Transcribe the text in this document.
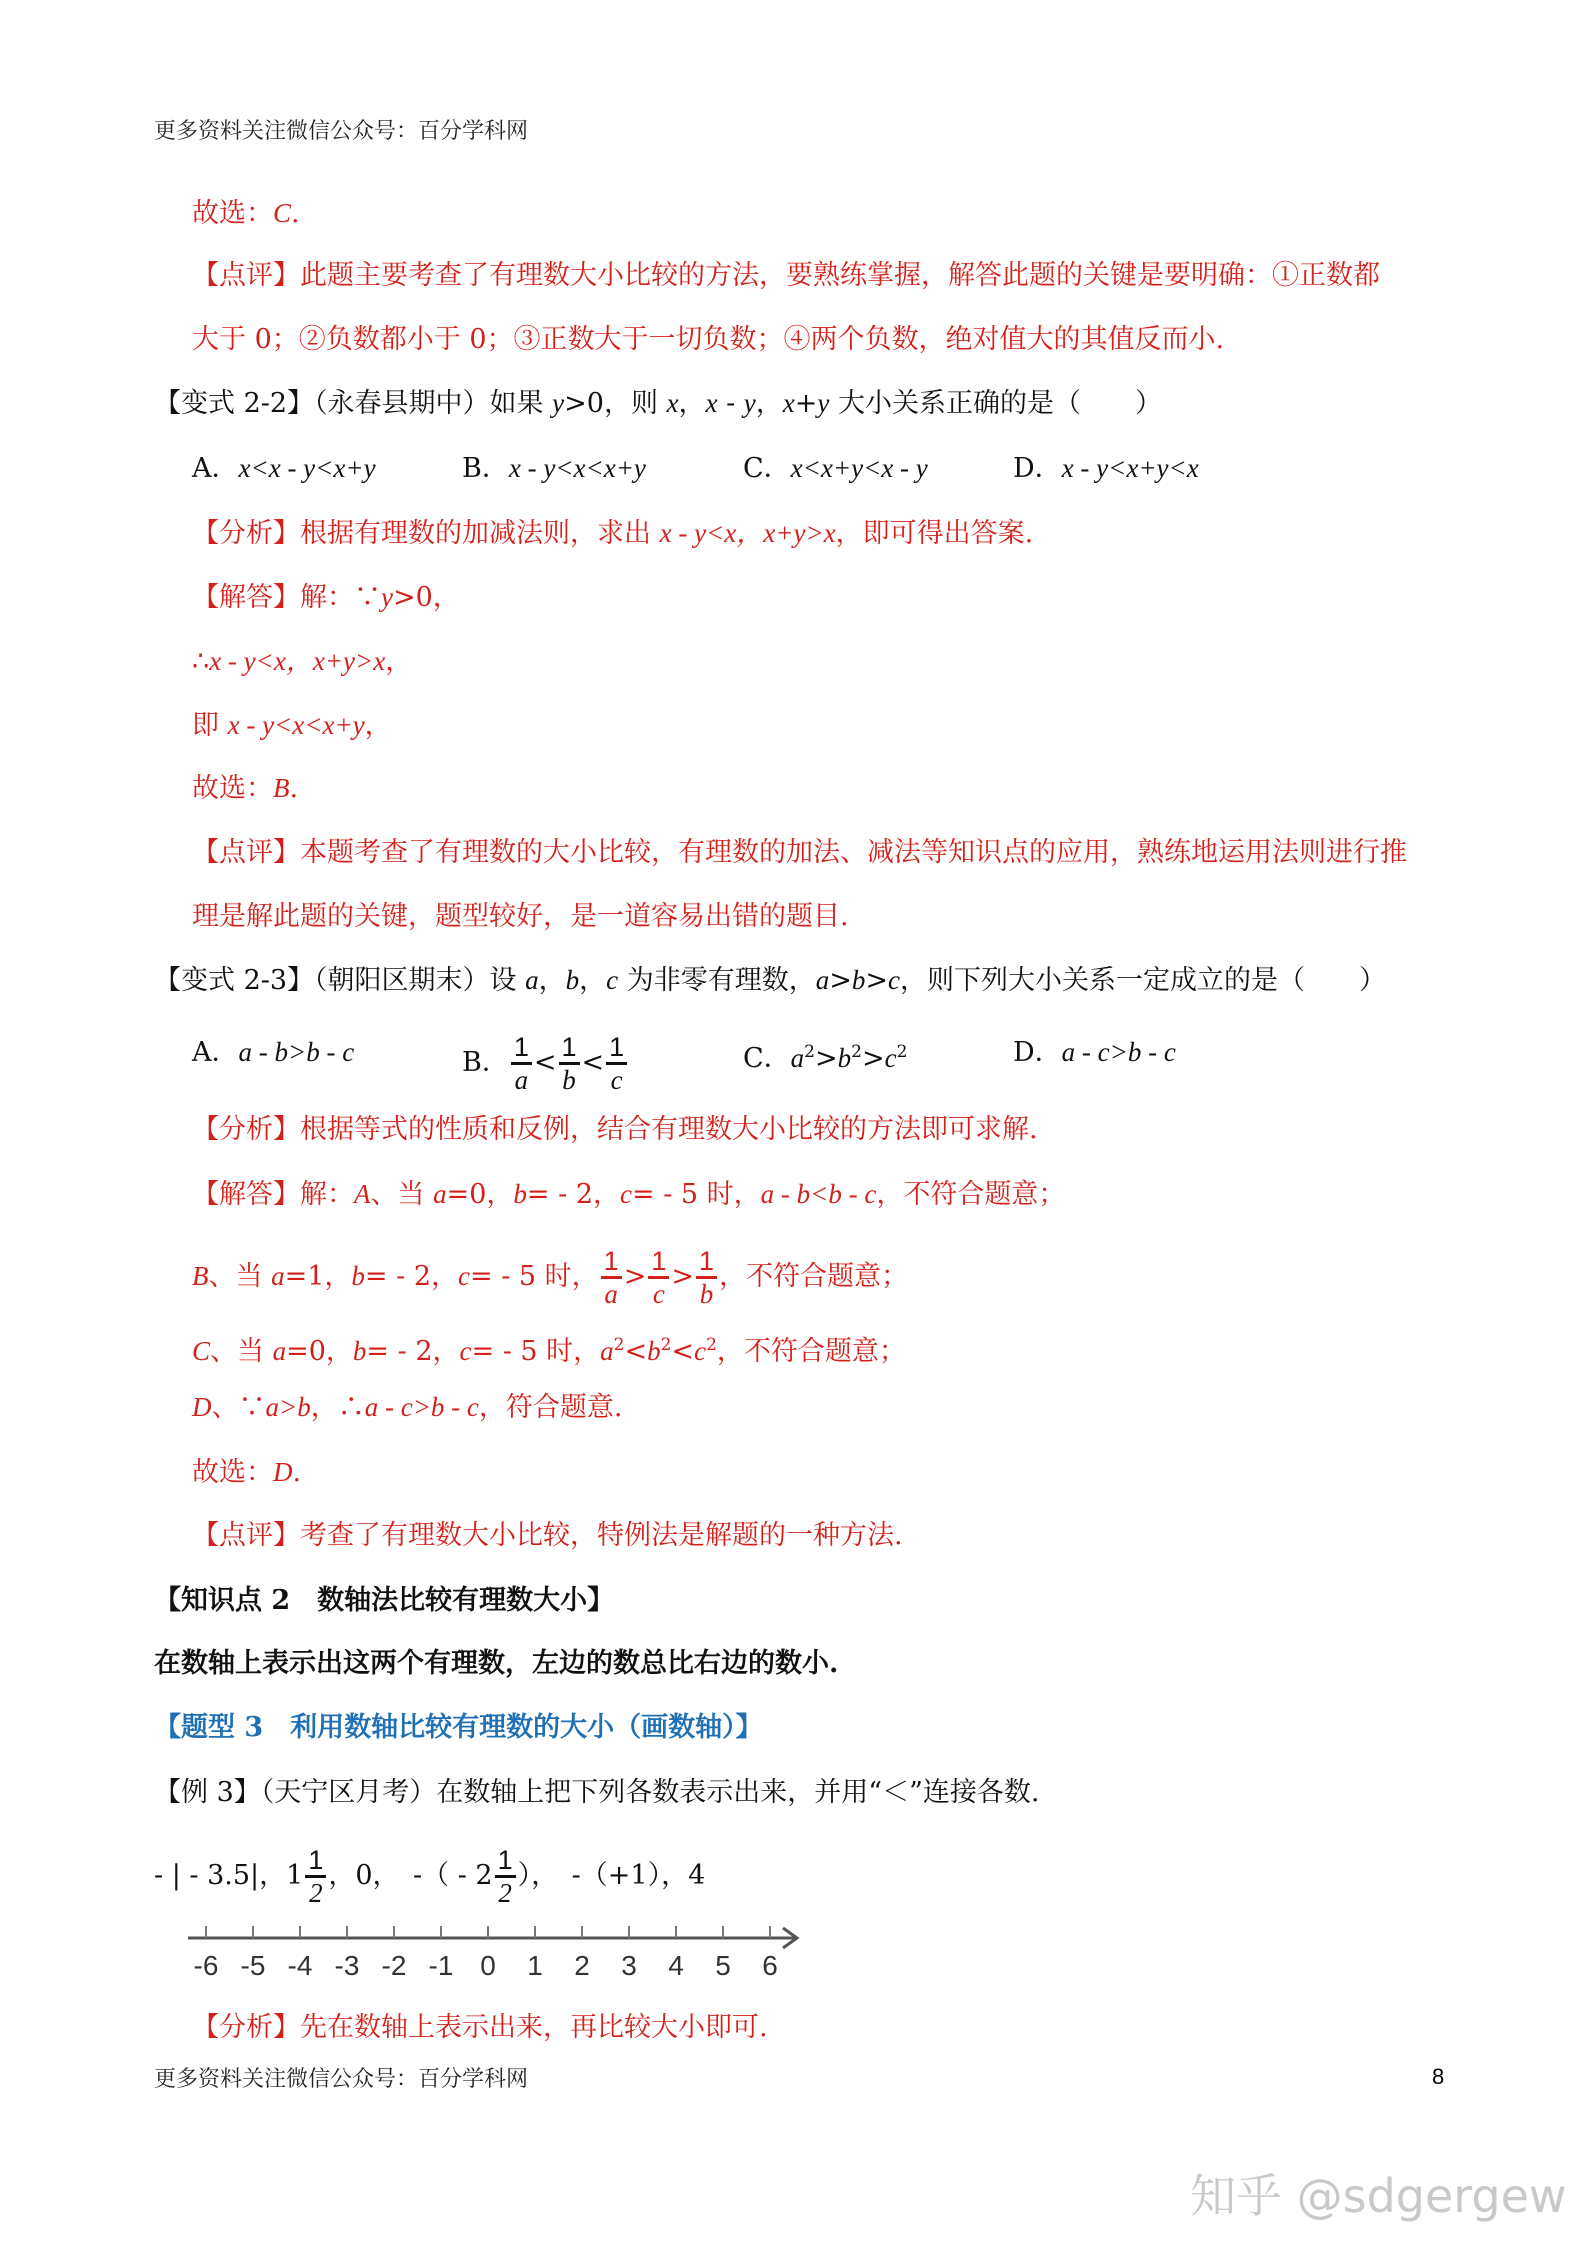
更多资料关注微信公众号：百分学科网
故选：C.
【点评】此题主要考查了有理数大小比较的方法，要熟练掌握，解答此题的关键是要明确：①正数都
大于 0；②负数都小于 0；③正数大于一切负数；④两个负数，绝对值大的其值反而小.
【变式 2-2】（永春县期中）如果 y>0，则 x，x - y，x+y 大小关系正确的是（　　）
A．x<x - y<x+y	B．x - y<x<x+y	C．x<x+y<x - y	D．x - y<x+y<x
【分析】根据有理数的加减法则，求出 x - y<x，x+y>x，即可得出答案.
【解答】解：∵y>0，
∴x - y<x，x+y>x，
即 x - y<x<x+y，
故选：B.
【点评】本题考查了有理数的大小比较，有理数的加法、减法等知识点的应用，熟练地运用法则进行推
理是解此题的关键，题型较好，是一道容易出错的题目.
【变式 2-3】（朝阳区期末）设 a，b，c 为非零有理数，a>b>c，则下列大小关系一定成立的是（　　）
A．a - b>b - c	B． $\frac{1}{a} < \frac{1}{b} < \frac{1}{c}$	C．$a^2>b^2>c^2$	D．a - c>b - c
【分析】根据等式的性质和反例，结合有理数大小比较的方法即可求解.
【解答】解：A、当 a=0，b= - 2，c= - 5 时，a - b<b - c，不符合题意；
B、当 a=1，b= - 2，c= - 5 时， $\frac{1}{a} > \frac{1}{c} > \frac{1}{b}$ ，不符合题意；
C、当 a=0，b= - 2，c= - 5 时，$a^2<b^2<c^2$，不符合题意；
D、∵a>b，∴a - c>b - c，符合题意.
故选：D.
【点评】考查了有理数大小比较，特例法是解题的一种方法.
【知识点 2　数轴法比较有理数大小】
在数轴上表示出这两个有理数，左边的数总比右边的数小.
【题型 3　利用数轴比较有理数的大小（画数轴）】
【例 3】（天宁区月考）在数轴上把下列各数表示出来，并用“＜”连接各数.
- | - 3.5|，$1 \frac{1}{2}$ ，0，　-（ - $2 \frac{1}{2}$ ），　-（+1），4
【分析】先在数轴上表示出来，再比较大小即可.
-6 -5 -4 -3 -2 -1 0 1 2 3 4 5 6
更多资料关注微信公众号：百分学科网	8
知乎 @sdgergew
